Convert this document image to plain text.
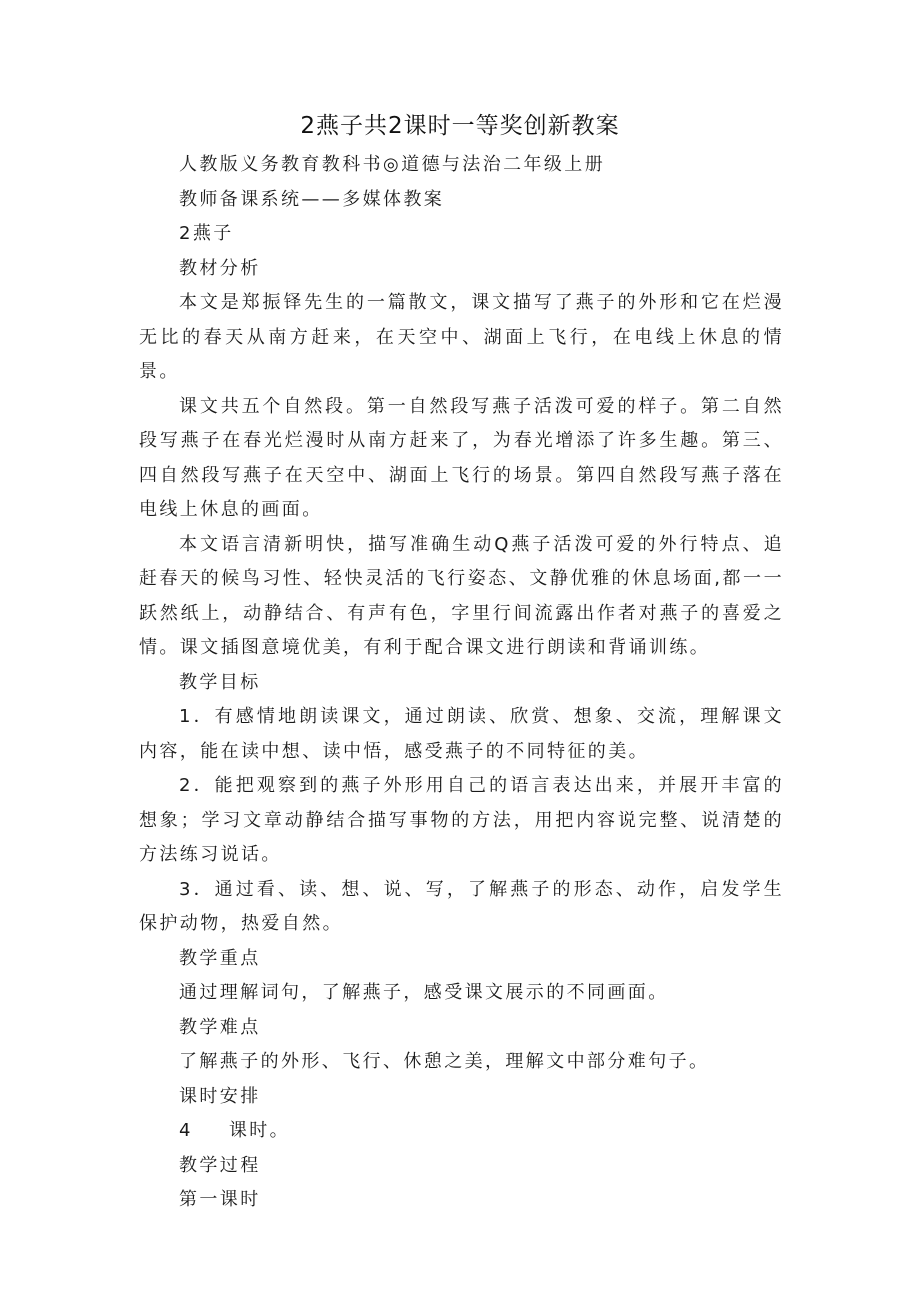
2燕子共2课时一等奖创新教案
人教版义务教育教科书◎道德与法治二年级上册
教师备课系统——多媒体教案
2燕子
教材分析
本文是郑振铎先生的一篇散文，课文描写了燕子的外形和它在烂漫无比的春天从南方赶来，在天空中、湖面上飞行，在电线上休息的情景。
课文共五个自然段。第一自然段写燕子活泼可爱的样子。第二自然段写燕子在春光烂漫时从南方赶来了，为春光增添了许多生趣。第三、四自然段写燕子在天空中、湖面上飞行的场景。第四自然段写燕子落在电线上休息的画面。
本文语言清新明快，描写准确生动Q燕子活泼可爱的外行特点、追赶春天的候鸟习性、轻快灵活的飞行姿态、文静优雅的休息场面,都一一跃然纸上，动静结合、有声有色，字里行间流露出作者对燕子的喜爱之情。课文插图意境优美，有利于配合课文进行朗读和背诵训练。
教学目标
1．有感情地朗读课文，通过朗读、欣赏、想象、交流，理解课文内容，能在读中想、读中悟，感受燕子的不同特征的美。
2．能把观察到的燕子外形用自己的语言表达出来，并展开丰富的想象；学习文章动静结合描写事物的方法，用把内容说完整、说清楚的方法练习说话。
3．通过看、读、想、说、写，了解燕子的形态、动作，启发学生保护动物，热爱自然。
教学重点
通过理解词句，了解燕子，感受课文展示的不同画面。
教学难点
了解燕子的外形、飞行、休憩之美，理解文中部分难句子。
课时安排
4 课时。
教学过程
第一课时
